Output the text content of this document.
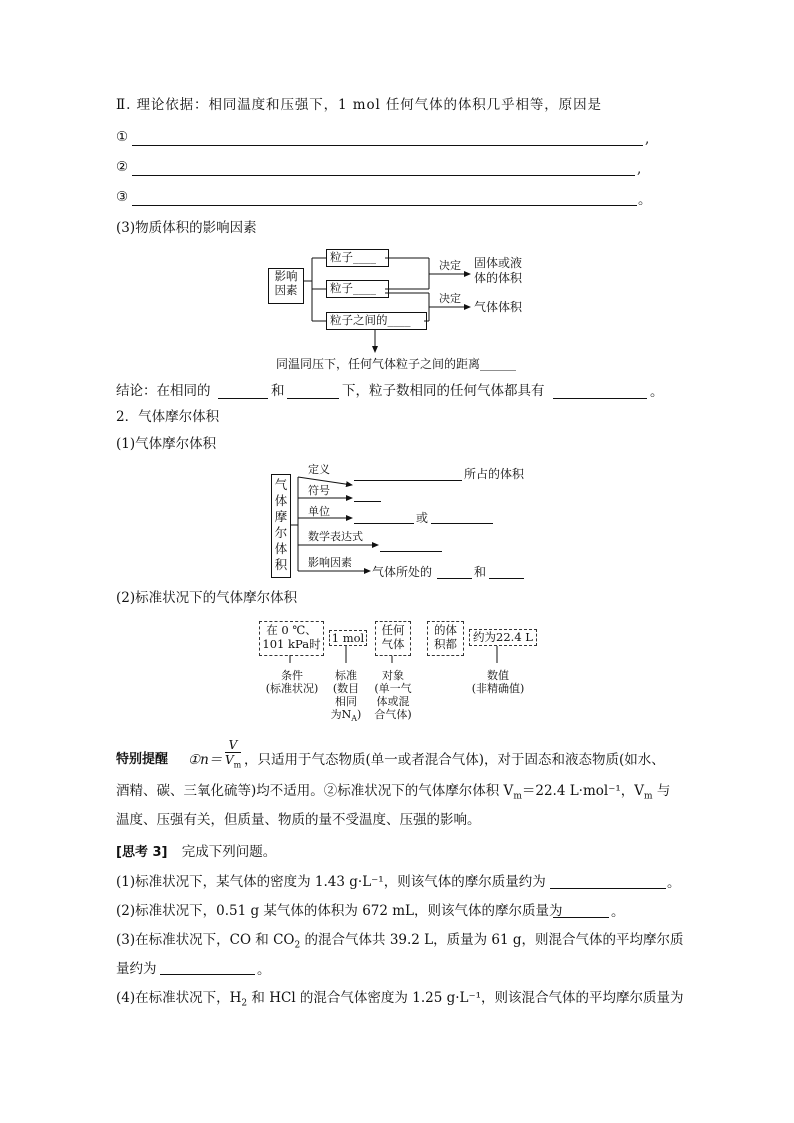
Ⅱ. 理论依据：相同温度和压强下，1 mol 任何气体的体积几乎相等，原因是
①	,
②	,
③	。
(3)物质体积的影响因素
影响
因素
粒子____
粒子____
粒子之间的____
决定
决定
固体或液
体的体积
气体体积
同温同压下，任何气体粒子之间的距离______
结论：在相同的	和	下，粒子数相同的任何气体都具有	。
2．气体摩尔体积
(1)气体摩尔体积
气
体
摩
尔
体
积
定义	所占的体积
符号
单位	或
数学表达式
影响因素
气体所处的	和
(2)标准状况下的气体摩尔体积
在 0 ℃、
101 kPa时 1 mol
任何
气体
的体
积都	约为22.4 L
条件
(标准状况)
标准
(数目
相同
为$N_A$)
对象
(单一气
体或混
合气体)
数值
(非精确值)
特别提醒 ①n＝ $\frac{V}{V_m}$ ，只适用于气态物质(单一或者混合气体)，对于固态和液态物质(如水、
酒精、碳、三氧化硫等)均不适用。②标准状况下的气体摩尔体积 $V_m=22.4$ L·mol⁻¹，$V_m$ 与
温度、压强有关，但质量、物质的量不受温度、压强的影响。
[思考 3] 完成下列问题。
(1)标准状况下，某气体的密度为 1.43 g·L⁻¹，则该气体的摩尔质量约为	。
(2)标准状况下，0.51 g 某气体的体积为 672 mL，则该气体的摩尔质量为	。
(3)在标准状况下，CO 和 $CO_2$ 的混合气体共 39.2 L，质量为 61 g，则混合气体的平均摩尔质
量约为	。
(4)在标准状况下，$H_2$ 和 HCl 的混合气体密度为 1.25 g·L⁻¹，则该混合气体的平均摩尔质量为
